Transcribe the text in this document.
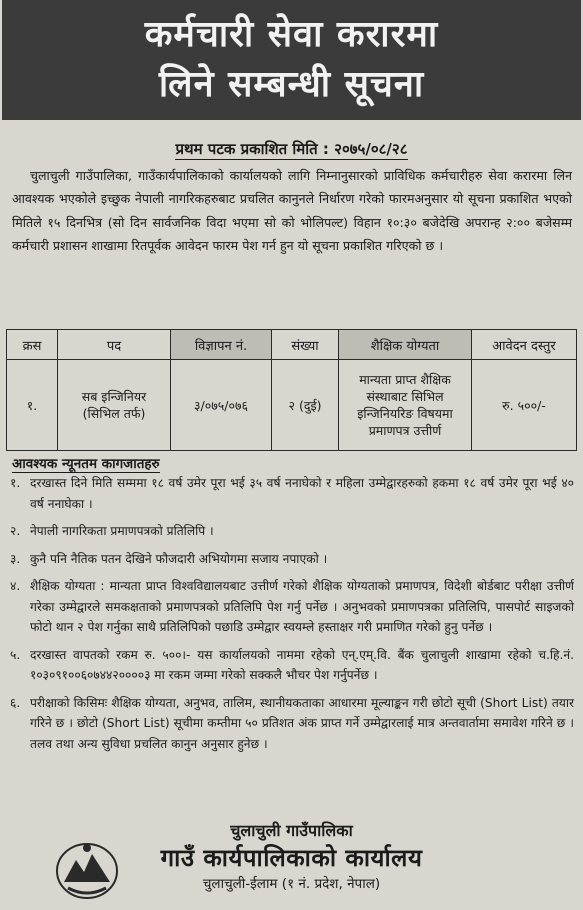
कर्मचारी सेवा करारमा
लिने सम्बन्धी सूचना
प्रथम पटक प्रकाशित मिति : २०७५/०८/२८

चुलाचुली गाउँपालिका, गाउँकार्यपालिकाको कार्यालयको लागि निम्नानुसारको प्राविधिक कर्मचारीहरु सेवा करारमा लिन आवश्यक भएकोले इच्छुक नेपाली नागरिकहरुबाट प्रचलित कानुनले निर्धारण गरेको फारमअनुसार यो सूचना प्रकाशित भएको मितिले १५ दिनभित्र (सो दिन सार्वजनिक विदा भएमा सो को भोलिपल्ट) विहान १०:३० बजेदेखि अपरान्ह २:०० बजेसम्म कर्मचारी प्रशासन शाखामा रितपूर्वक आवेदन फारम पेश गर्न हुन यो सूचना प्रकाशित गरिएको छ ।

क्रस	पद	विज्ञापन नं.	संख्या	शैक्षिक योग्यता	आवेदन दस्तुर
१.	सब इन्जिनियर (सिभिल तर्फ)	३/०७५/०७६	२ (दुई)	मान्यता प्राप्त शैक्षिक संस्थाबाट सिभिल इन्जिनियरिङ विषयमा प्रमाणपत्र उत्तीर्ण	रु. ५००/-
आवश्यक न्यूनतम कागजातहरु
१. दरखास्त दिने मिति सम्ममा १८ वर्ष उमेर पूरा भई ३५ वर्ष ननाघेको र महिला उम्मेद्वारहरुको हकमा १८ वर्ष उमेर पूरा भई ४० वर्ष ननाघेका ।
२. नेपाली नागरिकता प्रमाणपत्रको प्रतिलिपि ।
३. कुनै पनि नैतिक पतन देखिने फौजदारी अभियोगमा सजाय नपाएको ।
४. शैक्षिक योग्यता : मान्यता प्राप्त विश्वविद्यालयबाट उत्तीर्ण गरेको शैक्षिक योग्यताको प्रमाणपत्र, विदेशी बोर्डबाट परीक्षा उत्तीर्ण गरेका उम्मेद्वारले समकक्षताको प्रमाणपत्रको प्रतिलिपि पेश गर्नु पर्नेछ । अनुभवको प्रमाणपत्रका प्रतिलिपि, पासपोर्ट साइजको फोटो थान २ पेश गर्नुका साथै प्रतिलिपिको पछाडि उम्मेद्वार स्वयम्ले हस्ताक्षर गरी प्रमाणित गरेको हुनु पर्नेछ ।
५. दरखास्त वापतको रकम रु. ५००।- यस कार्यालयको नाममा रहेको एन्.एम्.वि. बैंक चुलाचुली शाखामा रहेको च.हि.नं. १०३०९१००६०७४४२००००३ मा रकम जम्मा गरेको सक्कलै भौचर पेश गर्नुपर्नेछ ।
६. परीक्षाको किसिमः शैक्षिक योग्यता, अनुभव, तालिम, स्थानीयकताका आधारमा मूल्याङ्कन गरी छोटो सूची (Short List) तयार गरिने छ । छोटो (Short List) सूचीमा कम्तीमा ५० प्रतिशत अंक प्राप्त गर्ने उम्मेद्वारलाई मात्र अन्तवार्तामा समावेश गरिने छ । तलव तथा अन्य सुविधा प्रचलित कानुन अनुसार हुनेछ ।
चुलाचुली गाउँपालिका
गाउँ कार्यपालिकाको कार्यालय
चुलाचुली-ईलाम (१ नं. प्रदेश, नेपाल)
